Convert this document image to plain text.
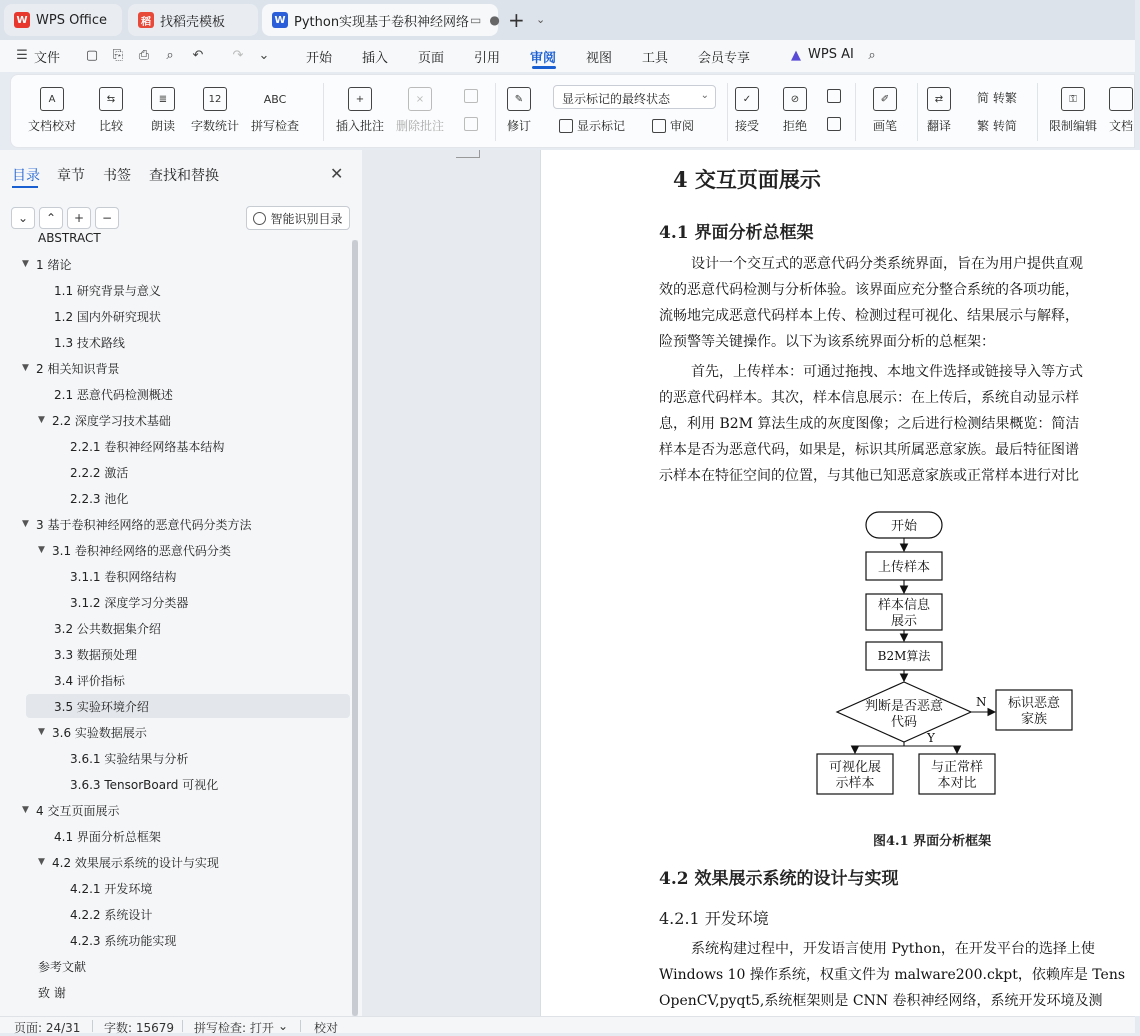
W WPS Office	稻 找稻壳模板	W Python实现基于卷积神经网络 ▭ ● + ⌄
☰ 文件 ▢ ⎘ ⎙	⌕	↶ ↷ ⌄	开始 插入 页面 引用 审阅 视图 工具 会员专享	▲ WPS AI	⌕
A
文档校对
⇆
比较
≣
朗读
12
字数统计
ABC
拼写检查
+
插入批注
×
删除批注
✎
修订
显示标记的最终状态	⌄
显示标记	审阅
✓
接受
⊘
拒绝
✐
画笔
⇄
翻译
简 转繁
繁 转简
⚿
限制编辑 文档
目录 章节 书签 查找和替换	✕
⌄	⌃	+	−	智能识别目录
ABSTRACT
▼ 1 绪论
1.1 研究背景与意义
1.2 国内外研究现状
1.3 技术路线
▼ 2 相关知识背景
2.1 恶意代码检测概述
▼ 2.2 深度学习技术基础
2.2.1 卷积神经网络基本结构
2.2.2 激活
2.2.3 池化
▼ 3 基于卷积神经网络的恶意代码分类方法
▼ 3.1 卷积神经网络的恶意代码分类
3.1.1 卷积网络结构
3.1.2 深度学习分类器
3.2 公共数据集介绍
3.3 数据预处理
3.4 评价指标
3.5 实验环境介绍
▼ 3.6 实验数据展示
3.6.1 实验结果与分析
3.6.3 TensorBoard 可视化
▼ 4 交互页面展示
4.1 界面分析总框架
▼ 4.2 效果展示系统的设计与实现
4.2.1 开发环境
4.2.2 系统设计
4.2.3 系统功能实现
参考文献
致 谢
4 交互页面展示
4.1 界面分析总框架
设计一个交互式的恶意代码分类系统界面，旨在为用户提供直观
效的恶意代码检测与分析体验。该界面应充分整合系统的各项功能，
流畅地完成恶意代码样本上传、检测过程可视化、结果展示与解释，
险预警等关键操作。以下为该系统界面分析的总框架：
首先，上传样本：可通过拖拽、本地文件选择或链接导入等方式
的恶意代码样本。其次，样本信息展示：在上传后，系统自动显示样
息，利用 B2M 算法生成的灰度图像；之后进行检测结果概览：简洁
样本是否为恶意代码，如果是，标识其所属恶意家族。最后特征图谱
示样本在特征空间的位置，与其他已知恶意家族或正常样本进行对比
开始
上传样本
样本信息
展示
B2M算法
判断是否恶意
代码
N
Y
标识恶意
家族
可视化展
示样本
与正常样
本对比
图4.1 界面分析框架
4.2 效果展示系统的设计与实现
4.2.1 开发环境
系统构建过程中，开发语言使用 Python，在开发平台的选择上使
Windows 10 操作系统，权重文件为 malware200.ckpt，依赖库是 Tens
OpenCV,pyqt5,系统框架则是 CNN 卷积神经网络，系统开发环境及测
页面: 24/31 字数: 15679 拼写检查: 打开 ⌄ 校对
